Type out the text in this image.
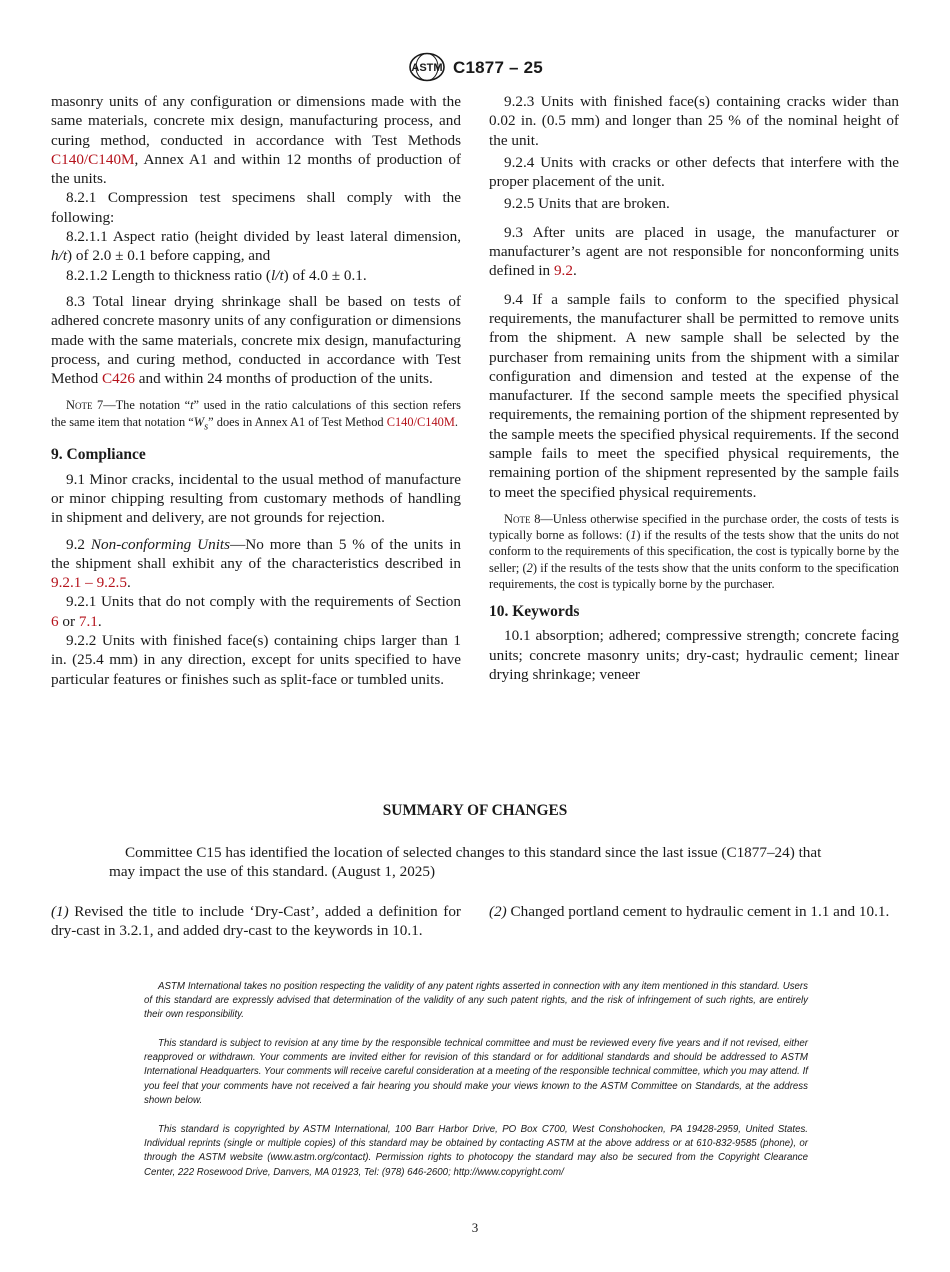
ASTM C1877 – 25

masonry units of any configuration or dimensions made with the same materials, concrete mix design, manufacturing process, and curing method, conducted in accordance with Test Methods C140/C140M, Annex A1 and within 12 months of production of the units.

8.2.1 Compression test specimens shall comply with the following:

8.2.1.1 Aspect ratio (height divided by least lateral dimension, h/t) of 2.0 ± 0.1 before capping, and

8.2.1.2 Length to thickness ratio (l/t) of 4.0 ± 0.1.

8.3 Total linear drying shrinkage shall be based on tests of adhered concrete masonry units of any configuration or dimensions made with the same materials, concrete mix design, manufacturing process, and curing method, conducted in accordance with Test Method C426 and within 24 months of production of the units.

Note 7—The notation “t” used in the ratio calculations of this section refers the same item that notation “$W_s$” does in Annex A1 of Test Method C140/C140M.

9. Compliance

9.1 Minor cracks, incidental to the usual method of manufacture or minor chipping resulting from customary methods of handling in shipment and delivery, are not grounds for rejection.

9.2 Non-conforming Units—No more than 5 % of the units in the shipment shall exhibit any of the characteristics described in 9.2.1 – 9.2.5.

9.2.1 Units that do not comply with the requirements of Section 6 or 7.1.

9.2.2 Units with finished face(s) containing chips larger than 1 in. (25.4 mm) in any direction, except for units specified to have particular features or finishes such as split-face or tumbled units.

9.2.3 Units with finished face(s) containing cracks wider than 0.02 in. (0.5 mm) and longer than 25 % of the nominal height of the unit.

9.2.4 Units with cracks or other defects that interfere with the proper placement of the unit.

9.2.5 Units that are broken.

9.3 After units are placed in usage, the manufacturer or manufacturer’s agent are not responsible for nonconforming units defined in 9.2.

9.4 If a sample fails to conform to the specified physical requirements, the manufacturer shall be permitted to remove units from the shipment. A new sample shall be selected by the purchaser from remaining units from the shipment with a similar configuration and dimension and tested at the expense of the manufacturer. If the second sample meets the specified physical requirements, the remaining portion of the shipment represented by the sample meets the specified physical requirements. If the second sample fails to meet the specified physical requirements, the remaining portion of the shipment represented by the sample fails to meet the specified physical requirements.

Note 8—Unless otherwise specified in the purchase order, the costs of tests is typically borne as follows: (1) if the results of the tests show that the units do not conform to the requirements of this specification, the cost is typically borne by the seller; (2) if the results of the tests show that the units conform to the specification requirements, the cost is typically borne by the purchaser.

10. Keywords

10.1 absorption; adhered; compressive strength; concrete facing units; concrete masonry units; dry-cast; hydraulic cement; linear drying shrinkage; veneer

SUMMARY OF CHANGES

Committee C15 has identified the location of selected changes to this standard since the last issue (C1877–24) that may impact the use of this standard. (August 1, 2025)

(1) Revised the title to include ‘Dry-Cast’, added a definition for dry-cast in 3.2.1, and added dry-cast to the keywords in 10.1.

(2) Changed portland cement to hydraulic cement in 1.1 and 10.1.

ASTM International takes no position respecting the validity of any patent rights asserted in connection with any item mentioned in this standard. Users of this standard are expressly advised that determination of the validity of any such patent rights, and the risk of infringement of such rights, are entirely their own responsibility.

This standard is subject to revision at any time by the responsible technical committee and must be reviewed every five years and if not revised, either reapproved or withdrawn. Your comments are invited either for revision of this standard or for additional standards and should be addressed to ASTM International Headquarters. Your comments will receive careful consideration at a meeting of the responsible technical committee, which you may attend. If you feel that your comments have not received a fair hearing you should make your views known to the ASTM Committee on Standards, at the address shown below.

This standard is copyrighted by ASTM International, 100 Barr Harbor Drive, PO Box C700, West Conshohocken, PA 19428-2959, United States. Individual reprints (single or multiple copies) of this standard may be obtained by contacting ASTM at the above address or at 610-832-9585 (phone), or through the ASTM website (www.astm.org/contact). Permission rights to photocopy the standard may also be secured from the Copyright Clearance Center, 222 Rosewood Drive, Danvers, MA 01923, Tel: (978) 646-2600; http://www.copyright.com/

3
